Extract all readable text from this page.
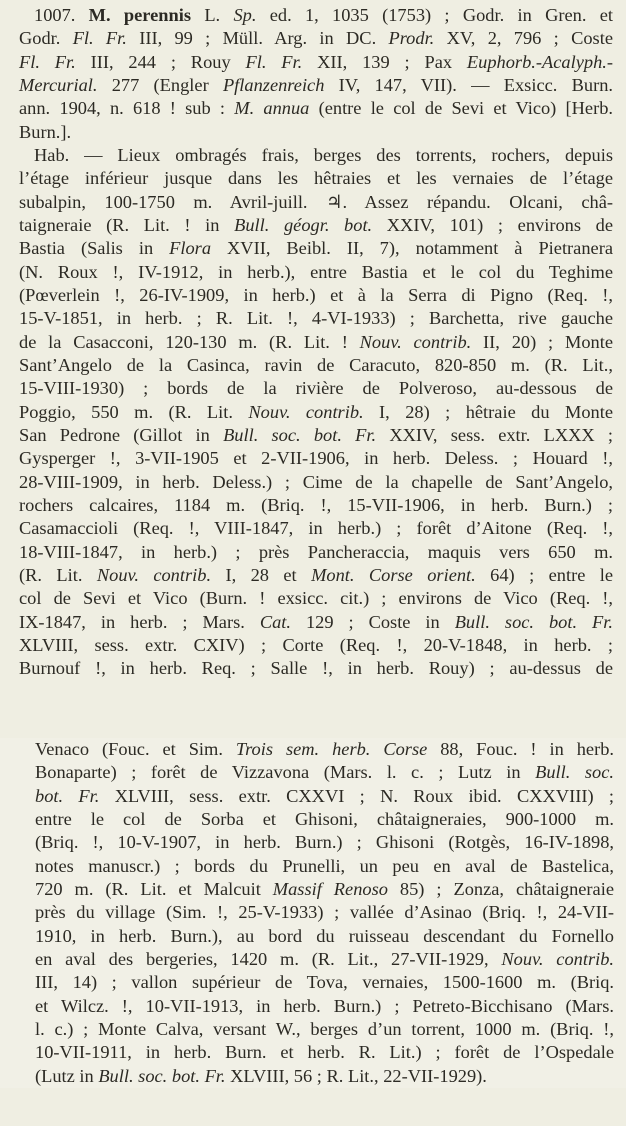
1007. M. perennis L. Sp. ed. 1, 1035 (1753) ; Godr. in Gren. et
Godr. Fl. Fr. III, 99 ; Müll. Arg. in DC. Prodr. XV, 2, 796 ; Coste
Fl. Fr. III, 244 ; Rouy Fl. Fr. XII, 139 ; Pax Euphorb.-Acalyph.-
Mercurial. 277 (Engler Pflanzenreich IV, 147, VII). — Exsicc. Burn.
ann. 1904, n. 618 ! sub : M. annua (entre le col de Sevi et Vico) [Herb.
Burn.].
Hab. — Lieux ombragés frais, berges des torrents, rochers, depuis
l’étage inférieur jusque dans les hêtraies et les vernaies de l’étage
subalpin, 100-1750 m. Avril-juill. ♃. Assez répandu. Olcani, châ-
taigneraie (R. Lit. ! in Bull. géogr. bot. XXIV, 101) ; environs de
Bastia (Salis in Flora XVII, Beibl. II, 7), notamment à Pietranera
(N. Roux !, IV-1912, in herb.), entre Bastia et le col du Teghime
(Pœverlein !, 26-IV-1909, in herb.) et à la Serra di Pigno (Req. !,
15-V-1851, in herb. ; R. Lit. !, 4-VI-1933) ; Barchetta, rive gauche
de la Casacconi, 120-130 m. (R. Lit. ! Nouv. contrib. II, 20) ; Monte
Sant’Angelo de la Casinca, ravin de Caracuto, 820-850 m. (R. Lit.,
15-VIII-1930) ; bords de la rivière de Polveroso, au-dessous de
Poggio, 550 m. (R. Lit. Nouv. contrib. I, 28) ; hêtraie du Monte
San Pedrone (Gillot in Bull. soc. bot. Fr. XXIV, sess. extr. LXXX ;
Gysperger !, 3-VII-1905 et 2-VII-1906, in herb. Deless. ; Houard !,
28-VIII-1909, in herb. Deless.) ; Cime de la chapelle de Sant’Angelo,
rochers calcaires, 1184 m. (Briq. !, 15-VII-1906, in herb. Burn.) ;
Casamaccioli (Req. !, VIII-1847, in herb.) ; forêt d’Aitone (Req. !,
18-VIII-1847, in herb.) ; près Pancheraccia, maquis vers 650 m.
(R. Lit. Nouv. contrib. I, 28 et Mont. Corse orient. 64) ; entre le
col de Sevi et Vico (Burn. ! exsicc. cit.) ; environs de Vico (Req. !,
IX-1847, in herb. ; Mars. Cat. 129 ; Coste in Bull. soc. bot. Fr.
XLVIII, sess. extr. CXIV) ; Corte (Req. !, 20-V-1848, in herb. ;
Burnouf !, in herb. Req. ; Salle !, in herb. Rouy) ; au-dessus de
Venaco (Fouc. et Sim. Trois sem. herb. Corse 88, Fouc. ! in herb.
Bonaparte) ; forêt de Vizzavona (Mars. l. c. ; Lutz in Bull. soc.
bot. Fr. XLVIII, sess. extr. CXXVI ; N. Roux ibid. CXXVIII) ;
entre le col de Sorba et Ghisoni, châtaigneraies, 900-1000 m.
(Briq. !, 10-V-1907, in herb. Burn.) ; Ghisoni (Rotgès, 16-IV-1898,
notes manuscr.) ; bords du Prunelli, un peu en aval de Bastelica,
720 m. (R. Lit. et Malcuit Massif Renoso 85) ; Zonza, châtaigneraie
près du village (Sim. !, 25-V-1933) ; vallée d’Asinao (Briq. !, 24-VII-
1910, in herb. Burn.), au bord du ruisseau descendant du Fornello
en aval des bergeries, 1420 m. (R. Lit., 27-VII-1929, Nouv. contrib.
III, 14) ; vallon supérieur de Tova, vernaies, 1500-1600 m. (Briq.
et Wilcz. !, 10-VII-1913, in herb. Burn.) ; Petreto-Bicchisano (Mars.
l. c.) ; Monte Calva, versant W., berges d’un torrent, 1000 m. (Briq. !,
10-VII-1911, in herb. Burn. et herb. R. Lit.) ; forêt de l’Ospedale
(Lutz in Bull. soc. bot. Fr. XLVIII, 56 ; R. Lit., 22-VII-1929).
